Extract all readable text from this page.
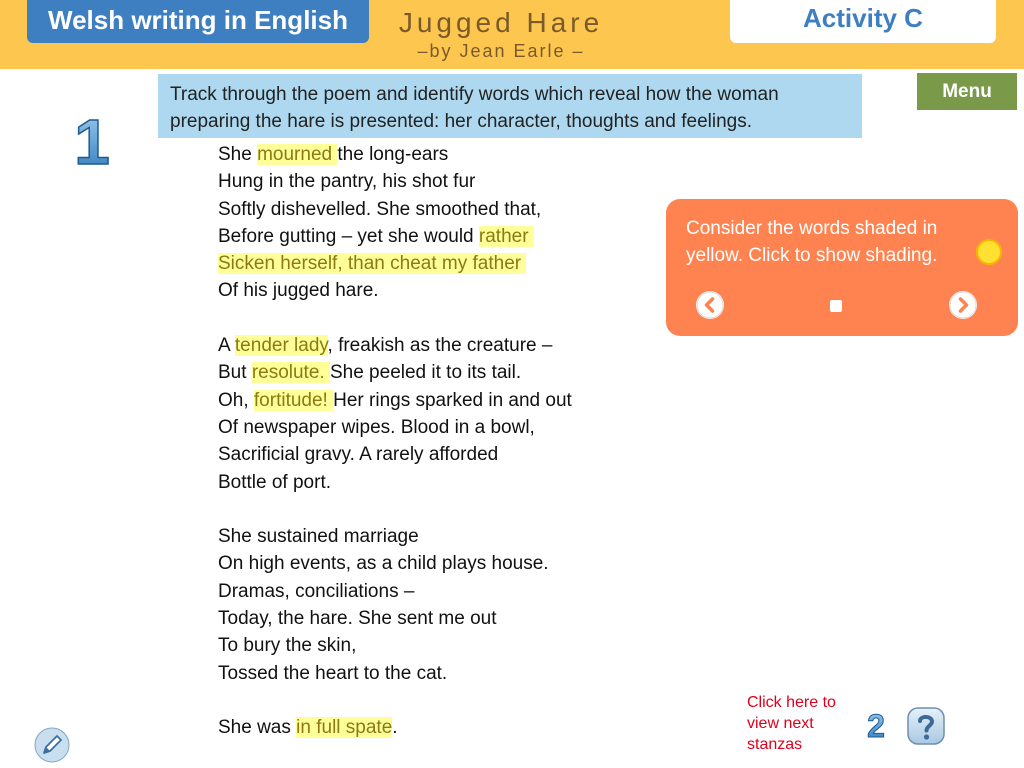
Welsh writing in English	Jugged Hare
–by Jean Earle –
Activity C
Track through the poem and identify words which reveal how the woman preparing the hare is presented: her character, thoughts and feelings.
Menu
1	She mourned the long-ears
Hung in the pantry, his shot fur
Softly dishevelled. She smoothed that,
Before gutting – yet she would rather
Sicken herself, than cheat my father
Of his jugged hare.
A tender lady, freakish as the creature –
But resolute. She peeled it to its tail.
Oh, fortitude! Her rings sparked in and out
Of newspaper wipes. Blood in a bowl,
Sacrificial gravy. A rarely afforded
Bottle of port.
She sustained marriage
On high events, as a child plays house.
Dramas, conciliations –
Today, the hare. She sent me out
To bury the skin,
Tossed the heart to the cat.
She was in full spate.
Consider the words shaded in yellow. Click to show shading.
Click here to view next stanzas
2
